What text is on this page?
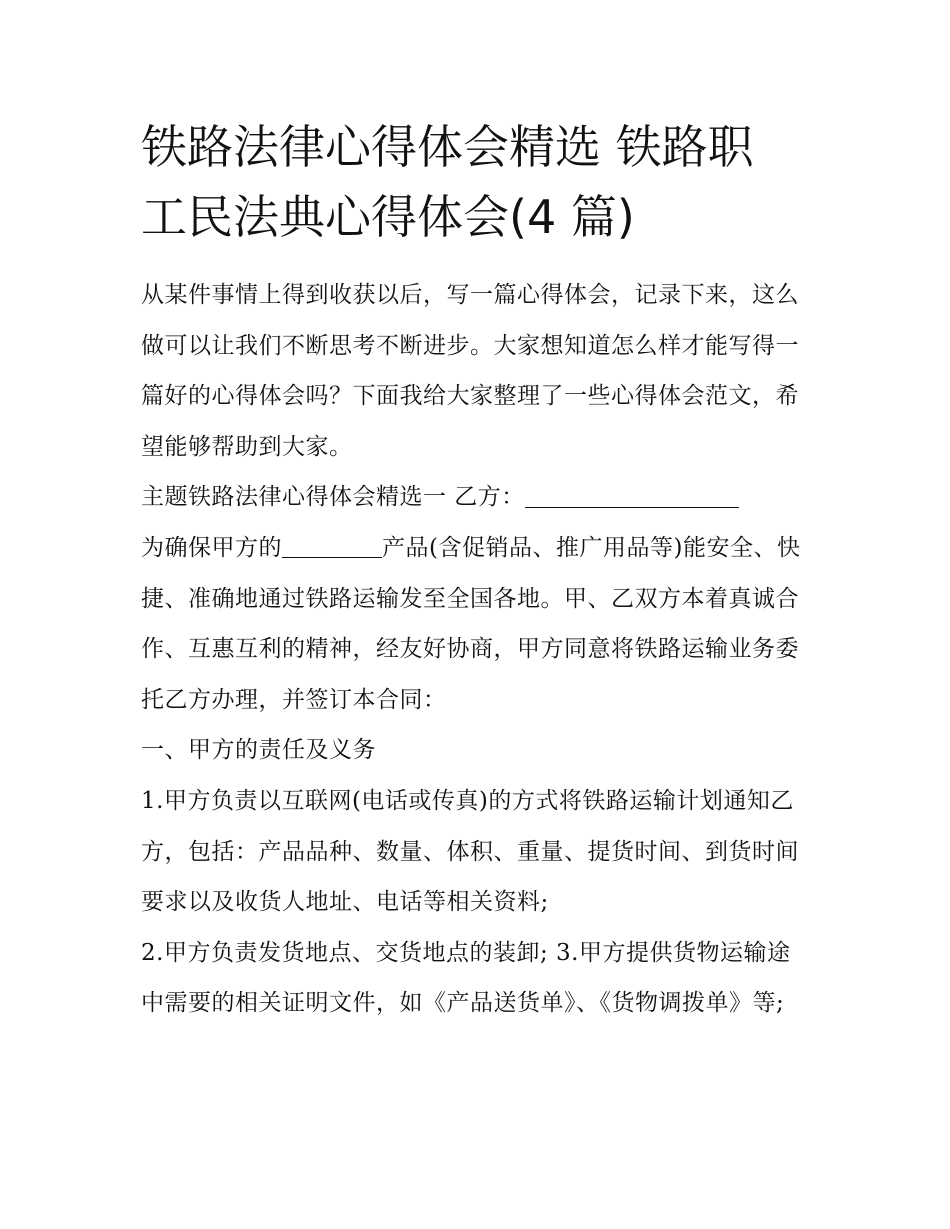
铁路法律心得体会精选 铁路职
工民法典心得体会(4 篇)

从某件事情上得到收获以后，写一篇心得体会，记录下来，这么做可以让我们不断思考不断进步。大家想知道怎么样才能写得一篇好的心得体会吗？下面我给大家整理了一些心得体会范文，希望能够帮助到大家。

主题铁路法律心得体会精选一 乙方：

为确保甲方的	产品(含促销品、推广用品等)能安全、快捷、准确地通过铁路运输发至全国各地。甲、乙双方本着真诚合作、互惠互利的精神，经友好协商，甲方同意将铁路运输业务委托乙方办理，并签订本合同：

一、甲方的责任及义务

1.甲方负责以互联网(电话或传真)的方式将铁路运输计划通知乙方，包括：产品品种、数量、体积、重量、提货时间、到货时间要求以及收货人地址、电话等相关资料;

2.甲方负责发货地点、交货地点的装卸; 3.甲方提供货物运输途中需要的相关证明文件，如《产品送货单》、《货物调拨单》等;
